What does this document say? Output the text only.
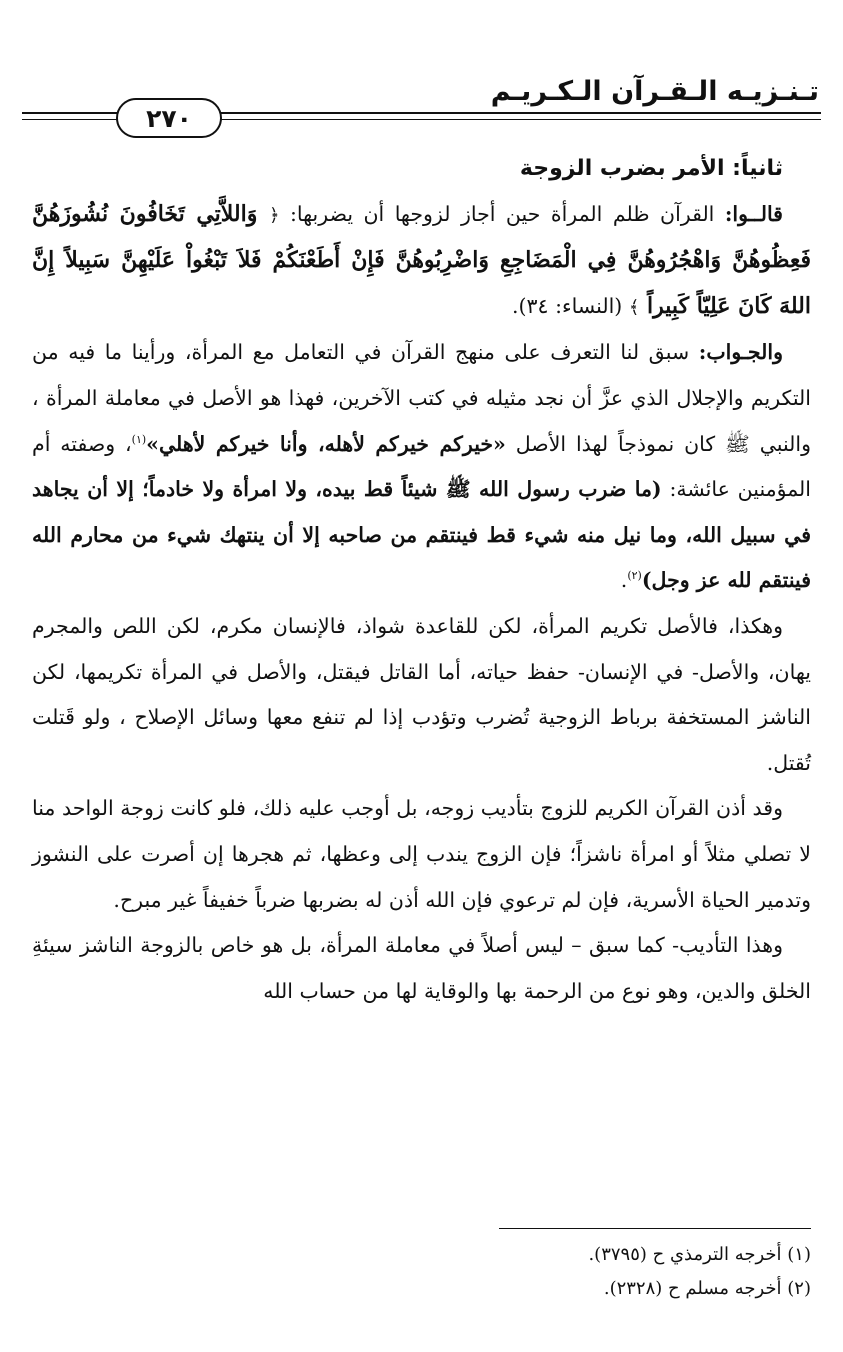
تـنـزيـه الـقـرآن الـكـريـم
٢٧٠

ثانياً: الأمر بضرب الزوجة

قالــوا: القرآن ظلم المرأة حين أجاز لزوجها أن يضربها: ﴿ وَاللاَّتِي تَخَافُونَ نُشُوزَهُنَّ فَعِظُوهُنَّ وَاهْجُرُوهُنَّ فِي الْمَضَاجِعِ وَاضْرِبُوهُنَّ فَإِنْ أَطَعْنَكُمْ فَلاَ تَبْغُواْ عَلَيْهِنَّ سَبِيلاً إِنَّ اللهَ كَانَ عَلِيّاً كَبِيراً ﴾ (النساء: ٣٤).

والجـواب: سبق لنا التعرف على منهج القرآن في التعامل مع المرأة، ورأينا ما فيه من التكريم والإجلال الذي عزَّ أن نجد مثيله في كتب الآخرين، فهذا هو الأصل في معاملة المرأة ، والنبي ﷺ كان نموذجاً لهذا الأصل «خيركم خيركم لأهله، وأنا خيركم لأهلي»$^{(١)}$، وصفته أم المؤمنين عائشة: (ما ضرب رسول الله ﷺ شيئاً قط بيده، ولا امرأة ولا خادماً؛ إلا أن يجاهد في سبيل الله، وما نيل منه شيء قط فينتقم من صاحبه إلا أن ينتهك شيء من محارم الله فينتقم لله عز وجل)$^{(٢)}$.

وهكذا، فالأصل تكريم المرأة، لكن للقاعدة شواذ، فالإنسان مكرم، لكن اللص والمجرم يهان، والأصل- في الإنسان- حفظ حياته، أما القاتل فيقتل، والأصل في المرأة تكريمها، لكن الناشز المستخفة برباط الزوجية تُضرب وتؤدب إذا لم تنفع معها وسائل الإصلاح ، ولو قَتلت تُقتل.

وقد أذن القرآن الكريم للزوج بتأديب زوجه، بل أوجب عليه ذلك، فلو كانت زوجة الواحد منا لا تصلي مثلاً أو امرأة ناشزاً؛ فإن الزوج يندب إلى وعظها، ثم هجرها إن أصرت على النشوز وتدمير الحياة الأسرية، فإن لم ترعوي فإن الله أذن له بضربها ضرباً خفيفاً غير مبرح.

وهذا التأديب- كما سبق – ليس أصلاً في معاملة المرأة، بل هو خاص بالزوجة الناشز سيئةِ الخلق والدين، وهو نوع من الرحمة بها والوقاية لها من حساب الله

(١) أخرجه الترمذي ح (٣٧٩٥).
(٢) أخرجه مسلم ح (٢٣٢٨).
